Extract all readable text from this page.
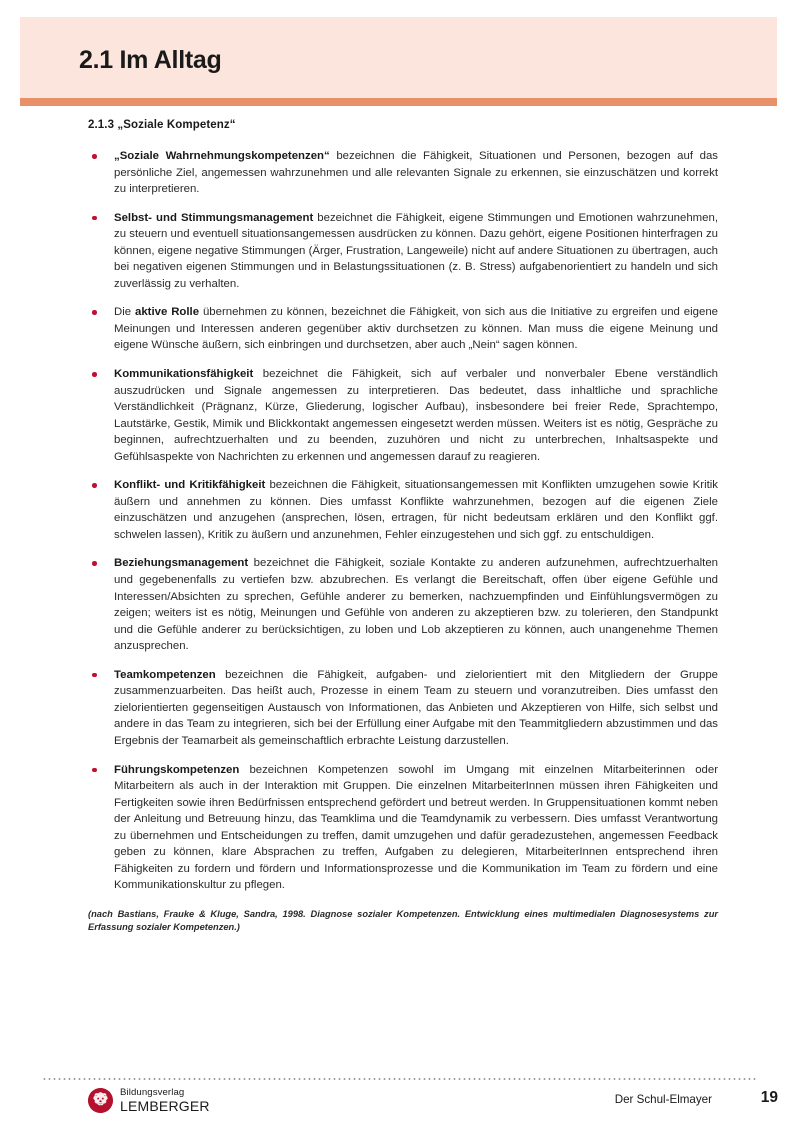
2.1 Im Alltag
2.1.3 „Soziale Kompetenz“
„Soziale Wahrnehmungskompetenzen“ bezeichnen die Fähigkeit, Situationen und Personen, bezogen auf das persönliche Ziel, angemessen wahrzunehmen und alle relevanten Signale zu erkennen, sie einzuschätzen und korrekt zu interpretieren.
Selbst- und Stimmungsmanagement bezeichnet die Fähigkeit, eigene Stimmungen und Emotionen wahrzunehmen, zu steuern und eventuell situationsangemessen ausdrücken zu können. Dazu gehört, eigene Positionen hinterfragen zu können, eigene negative Stimmungen (Ärger, Frustration, Langeweile) nicht auf andere Situationen zu übertragen, auch bei negativen eigenen Stimmungen und in Belastungssituationen (z. B. Stress) aufgabenorientiert zu handeln und sich zuverlässig zu verhalten.
Die aktive Rolle übernehmen zu können, bezeichnet die Fähigkeit, von sich aus die Initiative zu ergreifen und eigene Meinungen und Interessen anderen gegenüber aktiv durchsetzen zu können. Man muss die eigene Meinung und eigene Wünsche äußern, sich einbringen und durchsetzen, aber auch „Nein“ sagen können.
Kommunikationsfähigkeit bezeichnet die Fähigkeit, sich auf verbaler und nonverbaler Ebene verständlich auszudrücken und Signale angemessen zu interpretieren. Das bedeutet, dass inhaltliche und sprachliche Verständlichkeit (Prägnanz, Kürze, Gliederung, logischer Aufbau), insbesondere bei freier Rede, Sprachtempo, Lautstärke, Gestik, Mimik und Blickkontakt angemessen eingesetzt werden müssen. Weiters ist es nötig, Gespräche zu beginnen, aufrechtzuerhalten und zu beenden, zuzuhören und nicht zu unterbrechen, Inhaltsaspekte und Gefühlsaspekte von Nachrichten zu erkennen und angemessen darauf zu reagieren.
Konflikt- und Kritikfähigkeit bezeichnen die Fähigkeit, situationsangemessen mit Konflikten umzugehen sowie Kritik äußern und annehmen zu können. Dies umfasst Konflikte wahrzunehmen, bezogen auf die eigenen Ziele einzuschätzen und anzugehen (ansprechen, lösen, ertragen, für nicht bedeutsam erklären und den Konflikt ggf. schwelen lassen), Kritik zu äußern und anzunehmen, Fehler einzugestehen und sich ggf. zu entschuldigen.
Beziehungsmanagement bezeichnet die Fähigkeit, soziale Kontakte zu anderen aufzunehmen, aufrechtzuerhalten und gegebenenfalls zu vertiefen bzw. abzubrechen. Es verlangt die Bereitschaft, offen über eigene Gefühle und Interessen/Absichten zu sprechen, Gefühle anderer zu bemerken, nachzuempfinden und Einfühlungsvermögen zu zeigen; weiters ist es nötig, Meinungen und Gefühle von anderen zu akzeptieren bzw. zu tolerieren, den Standpunkt und die Gefühle anderer zu berücksichtigen, zu loben und Lob akzeptieren zu können, auch unangenehme Themen anzusprechen.
Teamkompetenzen bezeichnen die Fähigkeit, aufgaben- und zielorientiert mit den Mitgliedern der Gruppe zusammenzuarbeiten. Das heißt auch, Prozesse in einem Team zu steuern und voranzutreiben. Dies umfasst den zielorientierten gegenseitigen Austausch von Informationen, das Anbieten und Akzeptieren von Hilfe, sich selbst und andere in das Team zu integrieren, sich bei der Erfüllung einer Aufgabe mit den Teammitgliedern abzustimmen und das Ergebnis der Teamarbeit als gemeinschaftlich erbrachte Leistung darzustellen.
Führungskompetenzen bezeichnen Kompetenzen sowohl im Umgang mit einzelnen Mitarbeiterinnen oder Mitarbeitern als auch in der Interaktion mit Gruppen. Die einzelnen MitarbeiterInnen müssen ihren Fähigkeiten und Fertigkeiten sowie ihren Bedürfnissen entsprechend gefördert und betreut werden. In Gruppensituationen kommt neben der Anleitung und Betreuung hinzu, das Teamklima und die Teamdynamik zu verbessern. Dies umfasst Verantwortung zu übernehmen und Entscheidungen zu treffen, damit umzugehen und dafür geradezustehen, angemessen Feedback geben zu können, klare Absprachen zu treffen, Aufgaben zu delegieren, MitarbeiterInnen entsprechend ihren Fähigkeiten zu fordern und fördern und Informationsprozesse und die Kommunikation im Team zu fördern und eine Kommunikationskultur zu pflegen.
(nach Bastians, Frauke & Kluge, Sandra, 1998. Diagnose sozialer Kompetenzen. Entwicklung eines multimedialen Diagnosesystems zur Erfassung sozialer Kompetenzen.)
Bildungsverlag
LEMBERGER	Der Schul-Elmayer	19
